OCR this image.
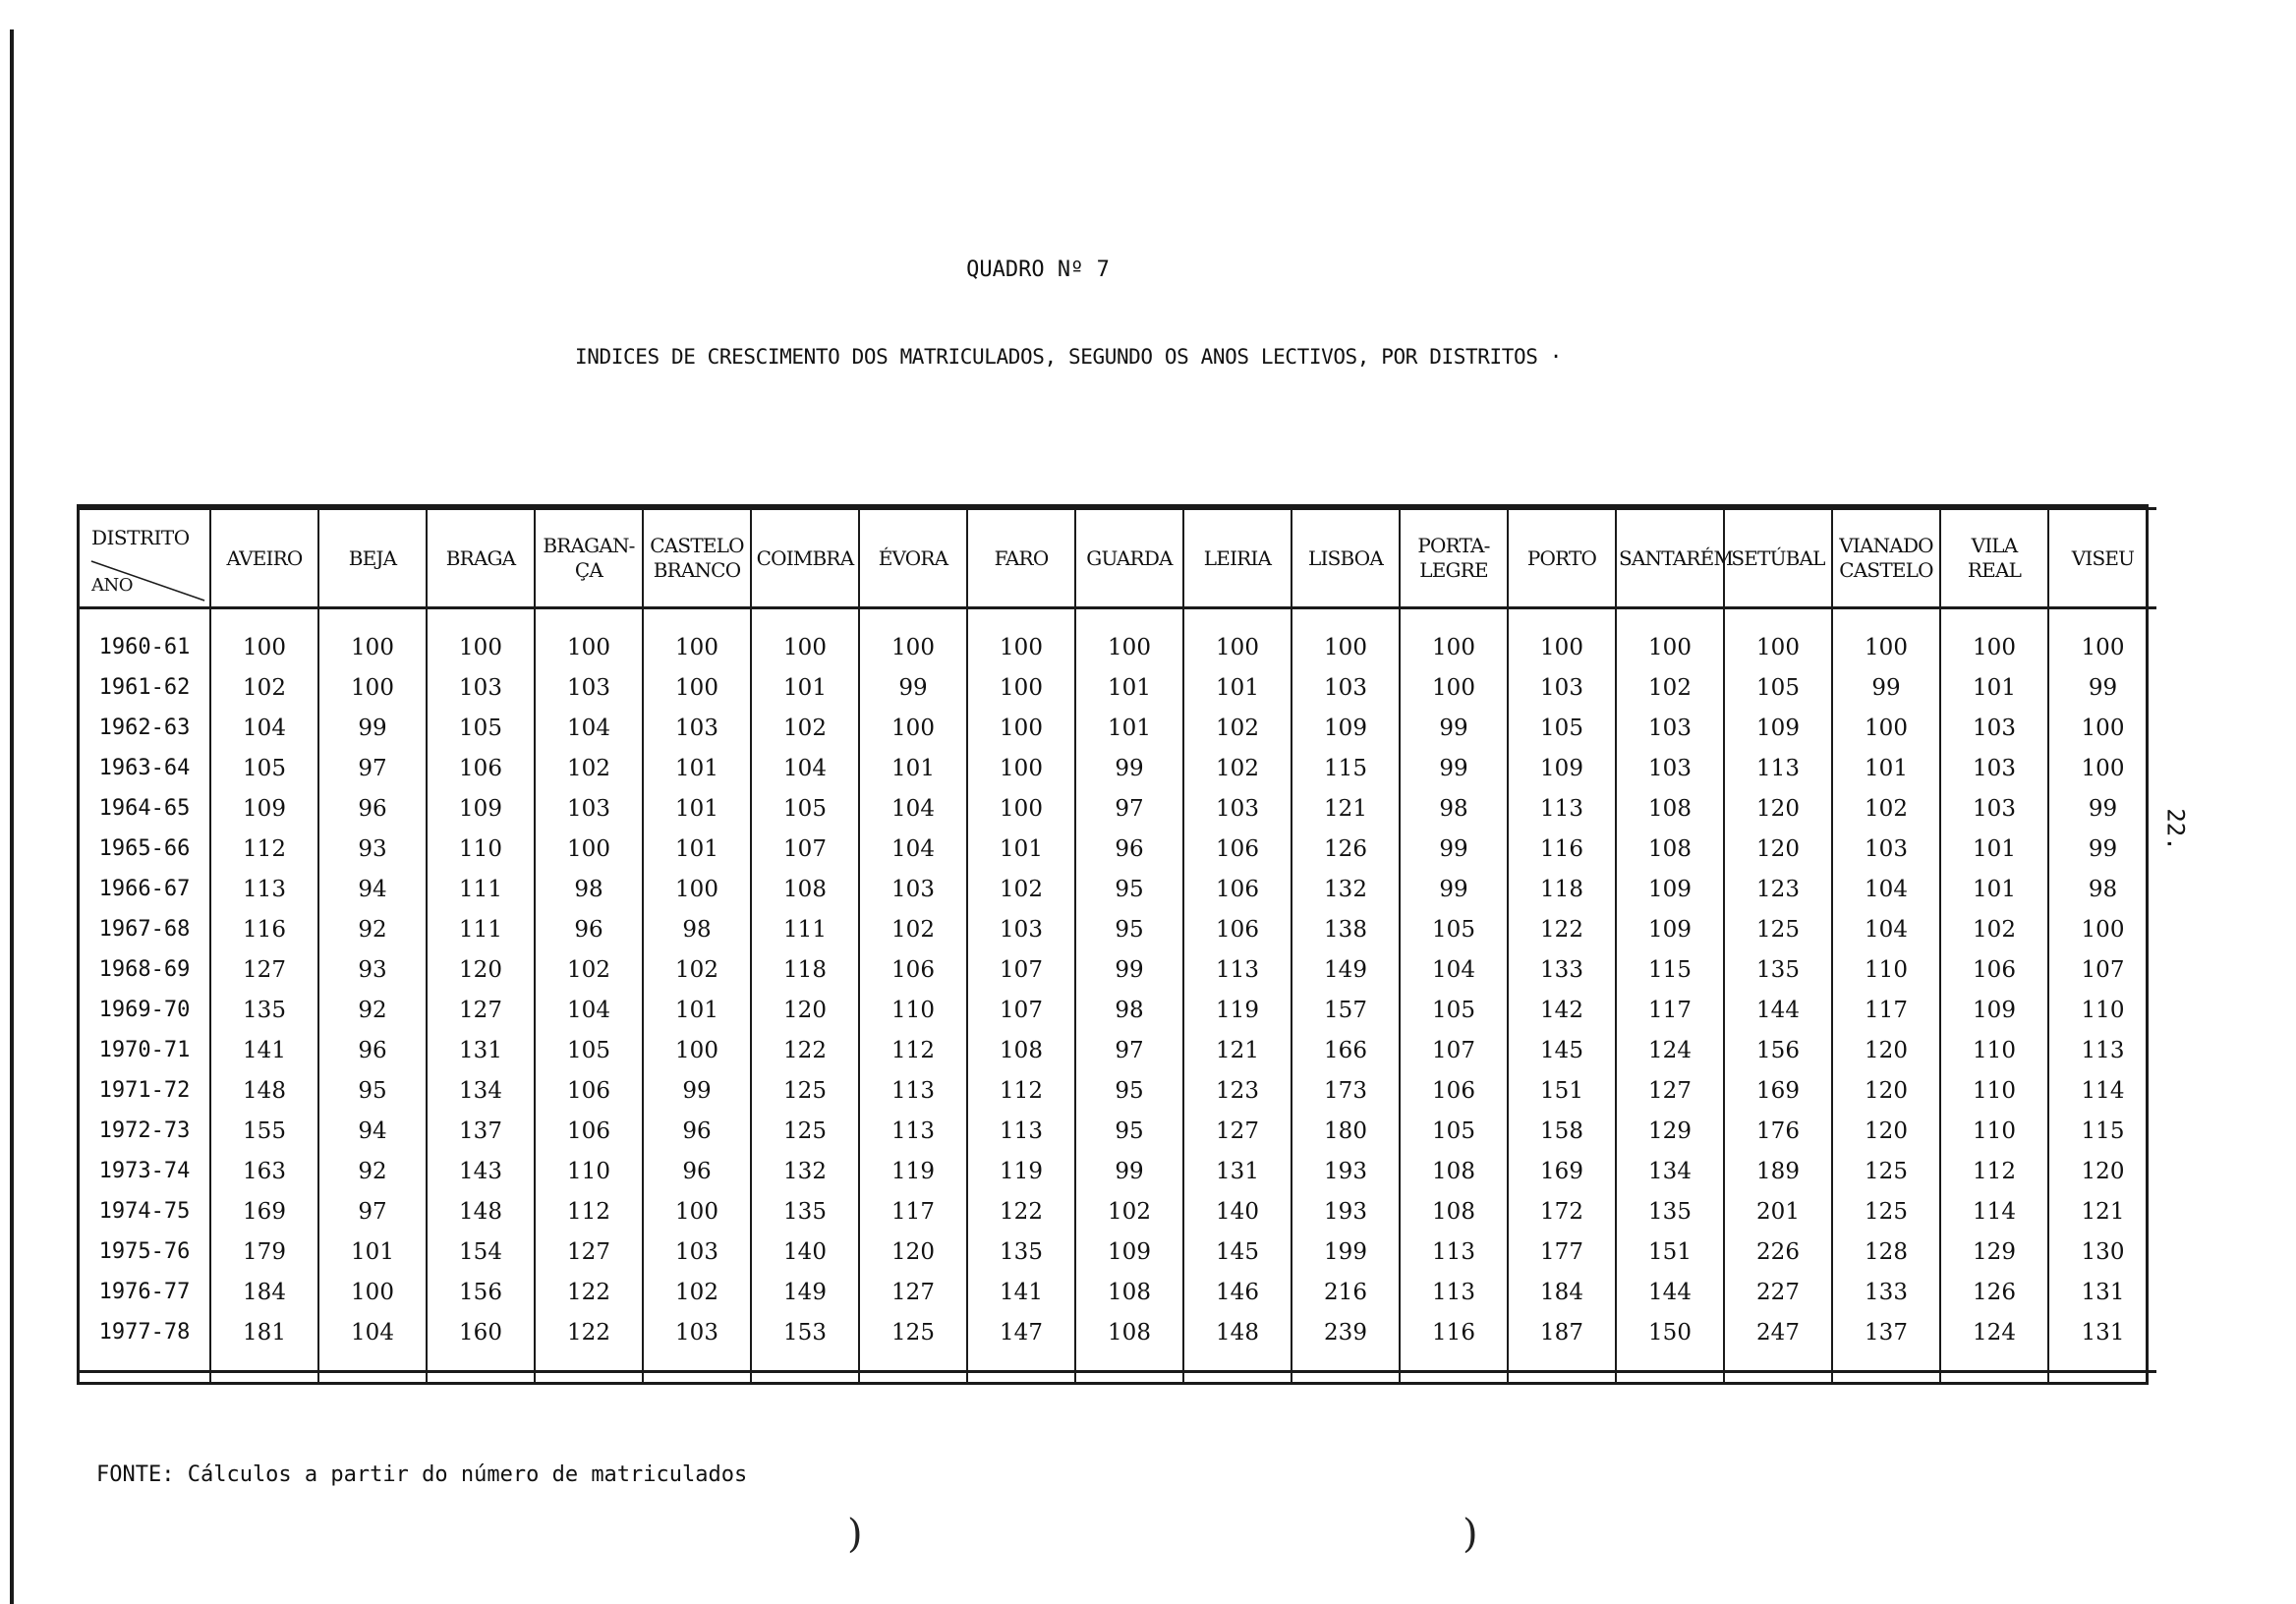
QUADRO Nº 7
INDICES DE CRESCIMENTO DOS MATRICULADOS, SEGUNDO OS ANOS LECTIVOS, POR DISTRITOS ·
DISTRITO
ANO	AVEIRO	BEJA	BRAGA	BRAGAN- ÇA	CASTELO BRANCO	COIMBRA	ÉVORA	FARO	GUARDA	LEIRIA	LISBOA	PORTA- LEGRE	PORTO	SANTARÉM	SETÚBAL	VIANADO CASTELO	VILA REAL	VISEU
1960-61	100	100	100	100	100	100	100	100	100	100	100	100	100	100	100	100	100	100
1961-62	102	100	103	103	100	101	99	100	101	101	103	100	103	102	105	99	101	99
1962-63	104	99	105	104	103	102	100	100	101	102	109	99	105	103	109	100	103	100
1963-64	105	97	106	102	101	104	101	100	99	102	115	99	109	103	113	101	103	100
1964-65	109	96	109	103	101	105	104	100	97	103	121	98	113	108	120	102	103	99
1965-66	112	93	110	100	101	107	104	101	96	106	126	99	116	108	120	103	101	99
1966-67	113	94	111	98	100	108	103	102	95	106	132	99	118	109	123	104	101	98
1967-68	116	92	111	96	98	111	102	103	95	106	138	105	122	109	125	104	102	100
1968-69	127	93	120	102	102	118	106	107	99	113	149	104	133	115	135	110	106	107
1969-70	135	92	127	104	101	120	110	107	98	119	157	105	142	117	144	117	109	110
1970-71	141	96	131	105	100	122	112	108	97	121	166	107	145	124	156	120	110	113
1971-72	148	95	134	106	99	125	113	112	95	123	173	106	151	127	169	120	110	114
1972-73	155	94	137	106	96	125	113	113	95	127	180	105	158	129	176	120	110	115
1973-74	163	92	143	110	96	132	119	119	99	131	193	108	169	134	189	125	112	120
1974-75	169	97	148	112	100	135	117	122	102	140	193	108	172	135	201	125	114	121
1975-76	179	101	154	127	103	140	120	135	109	145	199	113	177	151	226	128	129	130
1976-77	184	100	156	122	102	149	127	141	108	146	216	113	184	144	227	133	126	131
1977-78	181	104	160	122	103	153	125	147	108	148	239	116	187	150	247	137	124	131

FONTE: Cálculos a partir do número de matriculados
22.
)	)
